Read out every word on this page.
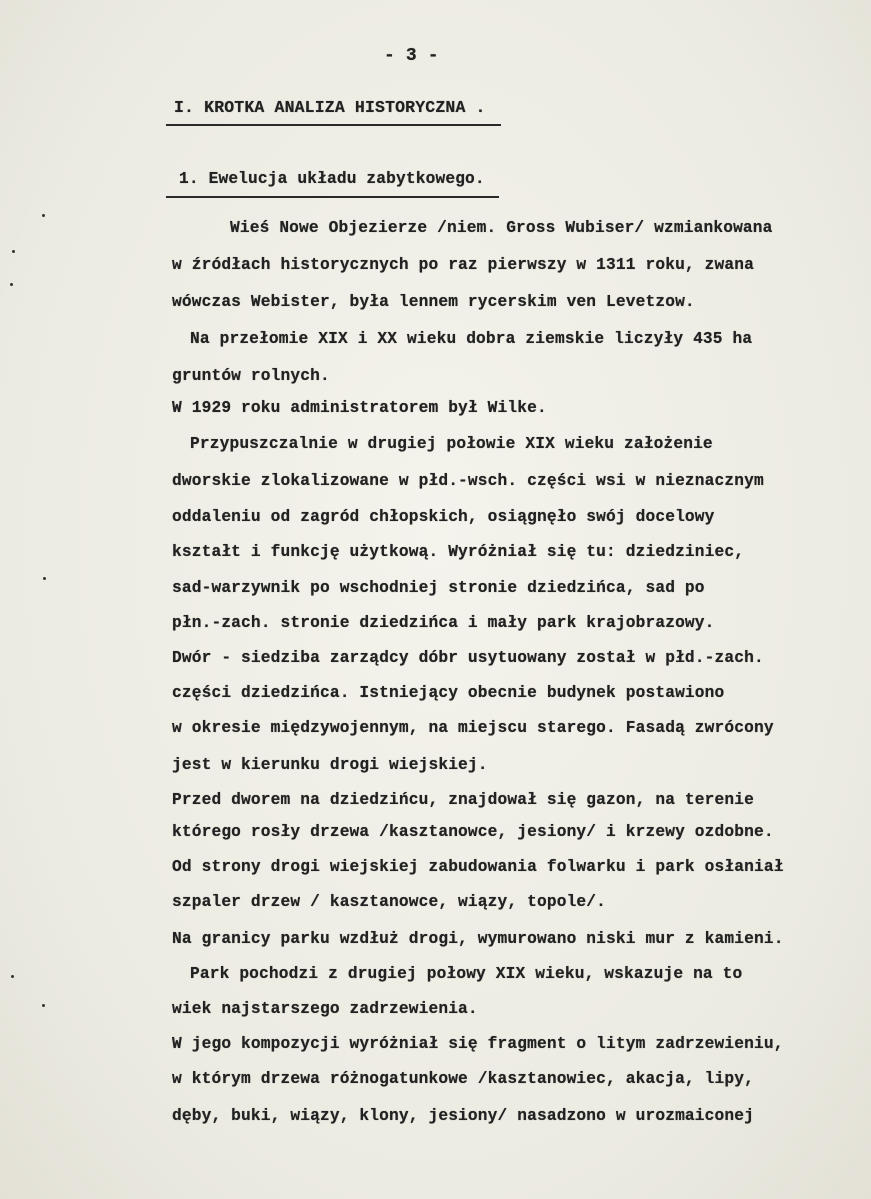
- 3 -
I. KROTKA ANALIZA HISTORYCZNA .
1. Ewelucja układu zabytkowego.
Wieś Nowe Objezierze /niem. Gross Wubiser/ wzmiankowana
w źródłach historycznych po raz pierwszy w 1311 roku, zwana
wówczas Webister, była lennem rycerskim ven Levetzow.
Na przełomie XIX i XX wieku dobra ziemskie liczyły 435 ha
gruntów rolnych.
W 1929 roku administratorem był Wilke.
Przypuszczalnie w drugiej połowie XIX wieku założenie
dworskie zlokalizowane w płd.-wsch. części wsi w nieznacznym
oddaleniu od zagród chłopskich, osiągnęło swój docelowy
kształt i funkcję użytkową. Wyróżniał się tu: dziedziniec,
sad-warzywnik po wschodniej stronie dziedzińca, sad po
płn.-zach. stronie dziedzińca i mały park krajobrazowy.
Dwór - siedziba zarządcy dóbr usytuowany został w płd.-zach.
części dziedzińca. Istniejący obecnie budynek postawiono
w okresie międzywojennym, na miejscu starego. Fasadą zwrócony
jest w kierunku drogi wiejskiej.
Przed dworem na dziedzińcu, znajdował się gazon, na terenie
którego rosły drzewa /kasztanowce, jesiony/ i krzewy ozdobne.
Od strony drogi wiejskiej zabudowania folwarku i park osłaniał
szpaler drzew / kasztanowce, wiązy, topole/.
Na granicy parku wzdłuż drogi, wymurowano niski mur z kamieni.
Park pochodzi z drugiej połowy XIX wieku, wskazuje na to
wiek najstarszego zadrzewienia.
W jego kompozycji wyróżniał się fragment o litym zadrzewieniu,
w którym drzewa różnogatunkowe /kasztanowiec, akacja, lipy,
dęby, buki, wiązy, klony, jesiony/ nasadzono w urozmaiconej
